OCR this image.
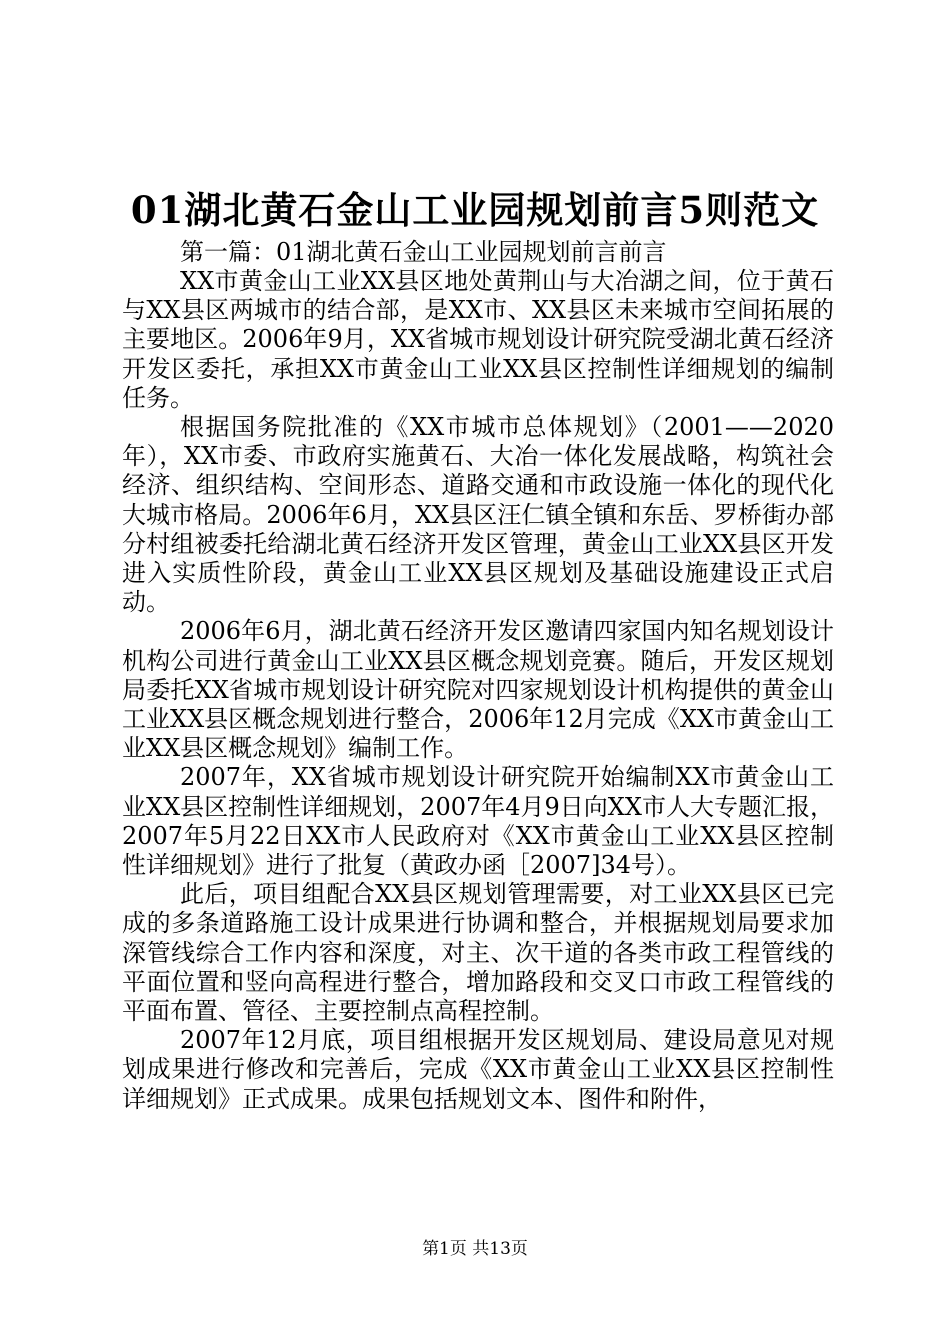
01湖北黄石金山工业园规划前言5则范文
第一篇：01湖北黄石金山工业园规划前言前言

XX市黄金山工业XX县区地处黄荆山与大冶湖之间，位于黄石与XX县区两城市的结合部，是XX市、XX县区未来城市空间拓展的主要地区。2006年9月，XX省城市规划设计研究院受湖北黄石经济开发区委托，承担XX市黄金山工业XX县区控制性详细规划的编制任务。

根据国务院批准的《XX市城市总体规划》（2001——2020年），XX市委、市政府实施黄石、大冶一体化发展战略，构筑社会经济、组织结构、空间形态、道路交通和市政设施一体化的现代化大城市格局。2006年6月，XX县区汪仁镇全镇和东岳、罗桥街办部分村组被委托给湖北黄石经济开发区管理，黄金山工业XX县区开发进入实质性阶段，黄金山工业XX县区规划及基础设施建设正式启动。

2006年6月，湖北黄石经济开发区邀请四家国内知名规划设计机构公司进行黄金山工业XX县区概念规划竞赛。随后，开发区规划局委托XX省城市规划设计研究院对四家规划设计机构提供的黄金山工业XX县区概念规划进行整合，2006年12月完成《XX市黄金山工业XX县区概念规划》编制工作。

2007年，XX省城市规划设计研究院开始编制XX市黄金山工业XX县区控制性详细规划，2007年4月9日向XX市人大专题汇报，2007年5月22日XX市人民政府对《XX市黄金山工业XX县区控制性详细规划》进行了批复（黄政办函［2007]34号）。

此后，项目组配合XX县区规划管理需要，对工业XX县区已完成的多条道路施工设计成果进行协调和整合，并根据规划局要求加深管线综合工作内容和深度，对主、次干道的各类市政工程管线的平面位置和竖向高程进行整合，增加路段和交叉口市政工程管线的平面布置、管径、主要控制点高程控制。

2007年12月底，项目组根据开发区规划局、建设局意见对规划成果进行修改和完善后，完成《XX市黄金山工业XX县区控制性详细规划》正式成果。成果包括规划文本、图件和附件，

第1页 共13页
